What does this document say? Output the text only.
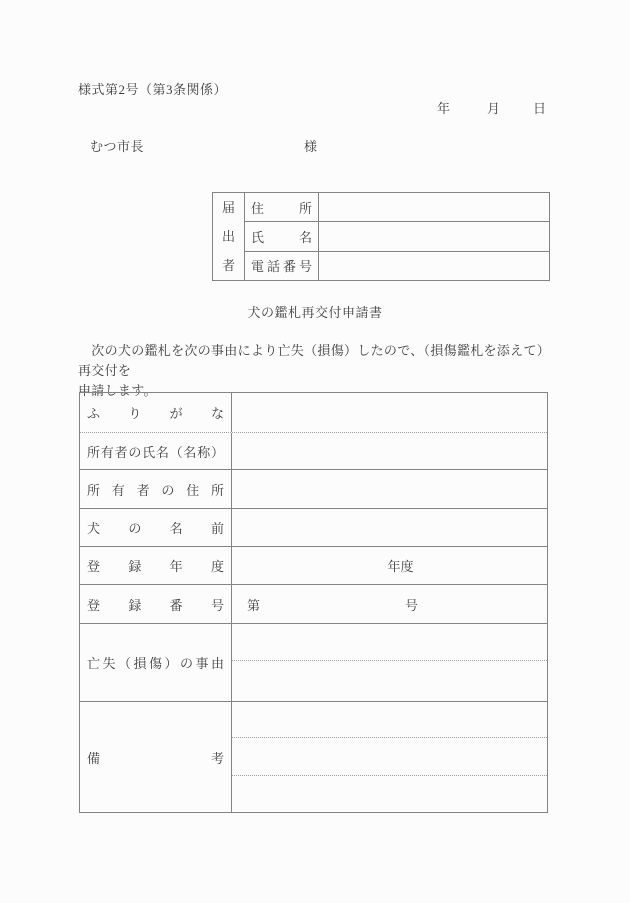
様式第2号（第3条関係）
年	月	日
むつ市長	様
届出者
住所
氏名
電話番号
犬の鑑札再交付申請書
　次の犬の鑑札を次の事由により亡失（損傷）したので、（損傷鑑札を添えて）再交付を
申請します。
ふりがな
所有者の氏名（名称）
所有者の住所
犬の名前
登録年度	年度
登録番号 第	号
亡失（損傷）の事由
備考
